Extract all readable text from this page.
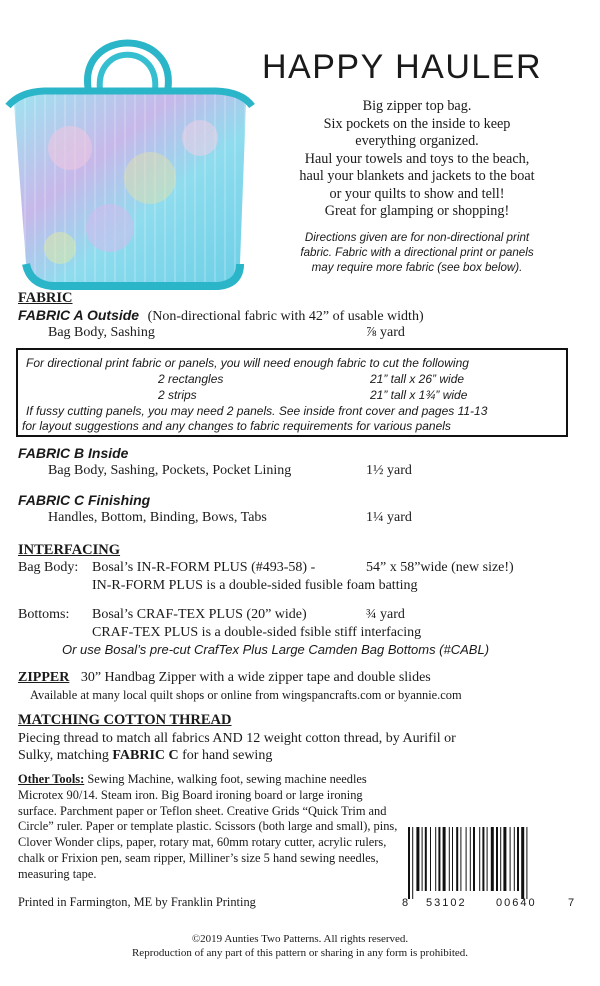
HAPPY HAULER
Big zipper top bag.
Six pockets on the inside to keep
everything organized.
Haul your towels and toys to the beach,
haul your blankets and jackets to the boat
or your quilts to show and tell!
Great for glamping or shopping!
Directions given are for non-directional print
fabric. Fabric with a directional print or panels
may require more fabric (see box below).
FABRIC
FABRIC A Outside (Non-directional fabric with 42” of usable width)
Bag Body, Sashing	⅞ yard
For directional print fabric or panels, you will need enough fabric to cut the following
2 rectangles	21” tall x 26” wide
2 strips	21” tall x 1¾” wide
If fussy cutting panels, you may need 2 panels. See inside front cover and pages 11-13
for layout suggestions and any changes to fabric requirements for various panels
FABRIC B Inside
Bag Body, Sashing, Pockets, Pocket Lining	1½ yard
FABRIC C Finishing
Handles, Bottom, Binding, Bows, Tabs	1¼ yard
INTERFACING
Bag Body: Bosal’s IN-R-FORM PLUS (#493-58) -	54” x 58”wide (new size!)
IN-R-FORM PLUS is a double-sided fusible foam batting
Bottoms: Bosal’s CRAF-TEX PLUS (20” wide)	¾ yard
CRAF-TEX PLUS is a double-sided fsible stiff interfacing
Or use Bosal’s pre-cut CrafTex Plus Large Camden Bag Bottoms (#CABL)
ZIPPER 30” Handbag Zipper with a wide zipper tape and double slides
Available at many local quilt shops or online from wingspancrafts.com or byannie.com
MATCHING COTTON THREAD
Piecing thread to match all fabrics AND 12 weight cotton thread, by Aurifil or
Sulky, matching FABRIC C for hand sewing
Other Tools: Sewing Machine, walking foot, sewing machine needles Microtex 90/14. Steam iron. Big Board ironing board or large ironing surface. Parchment paper or Teflon sheet. Creative Grids “Quick Trim and Circle” ruler. Paper or template plastic. Scissors (both large and small), pins, Clover Wonder clips, paper, rotary mat, 60mm rotary cutter, acrylic rulers, chalk or Frixion pen, seam ripper, Milliner’s size 5 hand sewing needles, measuring tape.
Printed in Farmington, ME by Franklin Printing	8 53102	00640	7
©2019 Aunties Two Patterns. All rights reserved.
Reproduction of any part of this pattern or sharing in any form is prohibited.
